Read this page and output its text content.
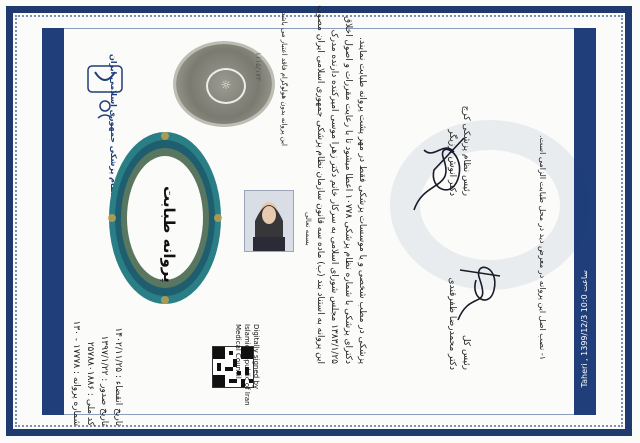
نظام پزشکی جمهوری اسلامی ایران	☼
۱۱۱۵/۱۷۳	این پروانه بدون هولوگرام فاقد اعتبار می باشد
پروانه طبابت	بسمه تعالی
شماره پروانه : ۱۷۷۷۸ - ۱۳۰
کد ملی : ۲۵۷۸۸۰۱۸۸۶
تاریخ صدور : ۱۳۹۷/۱/۲۲
تاریخ انقضاء : ۱۴۰۲/۱۱/۲۵	Digitally signed by
Islamic Republic of Iran
Medical Council	این پروانه به استناد بند (ب) ماده سه قانون سازمان نظام پزشکی جمهوری اسلامی ایران مصوب ۱۳۸۳/۱/۲۵ مجلس شورای اسلامی به سرکار خانم دکتر زهرا موسی امیرکنده دارنده مدرک
دکترای پزشکی با شماره نظام پزشکی ۱۰۷۷۸ اعطا میشود تا با رعایت مقررات و اصول اخلاق پزشکی در مطب شخصی و یا موسسات پزشکی فقط در مهر پشت پروانه طبابت نمایند.	دکتر انوش برزیگر رئیس نظام پزشکی کرج
دکتر محمدرضا ظفرقندی رئیس کل	۱- نصب اصل این پروانه در معرض دید در محل طبابت الزامی است.	Taheri , 1399/12/3 10:0 ساعت
